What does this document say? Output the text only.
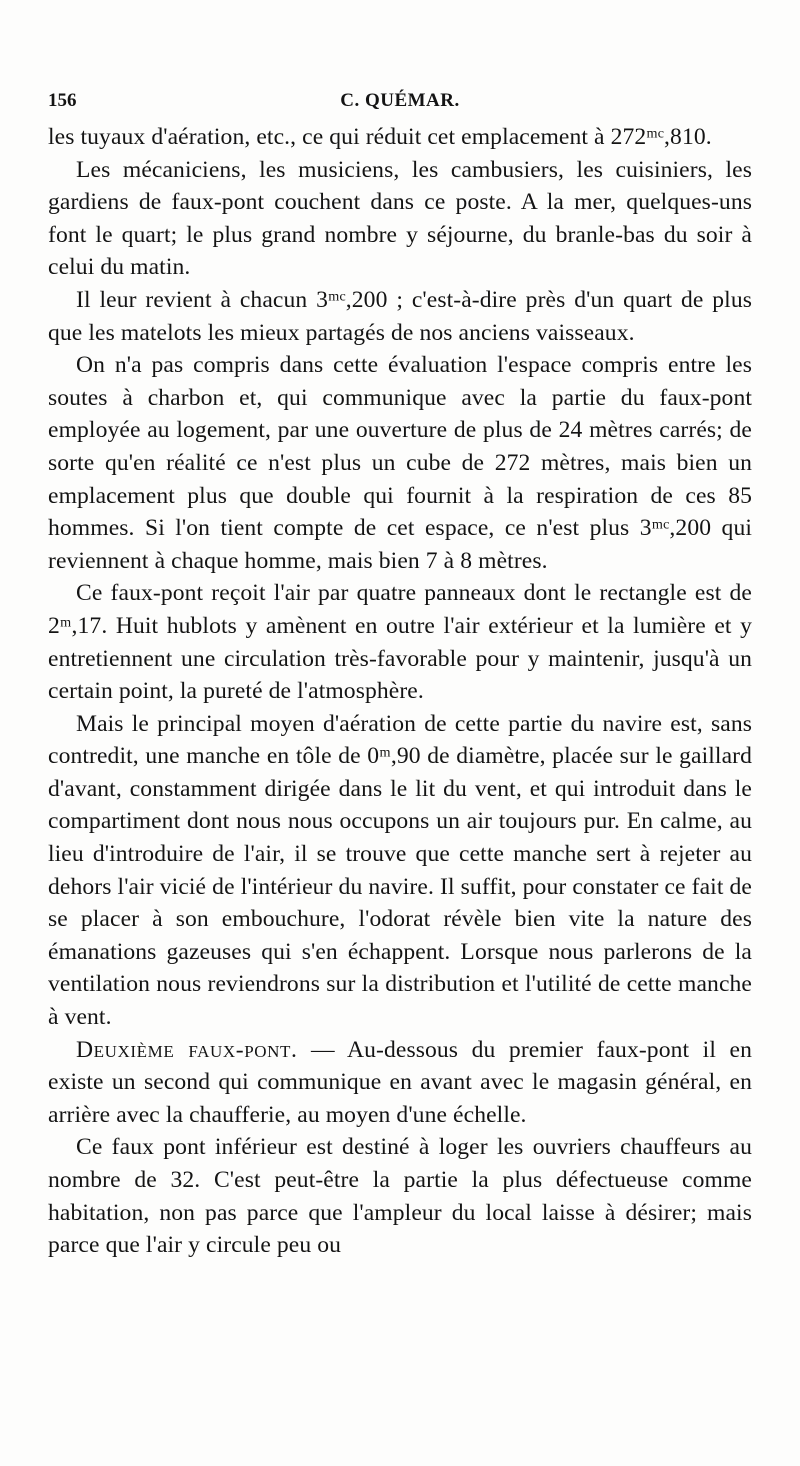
156	C. QUÉMAR.

les tuyaux d'aération, etc., ce qui réduit cet emplacement à 272ᵐᶜ,810.

Les mécaniciens, les musiciens, les cambusiers, les cuisiniers, les gardiens de faux-pont couchent dans ce poste. A la mer, quelques-uns font le quart; le plus grand nombre y séjourne, du branle-bas du soir à celui du matin.

Il leur revient à chacun 3ᵐᶜ,200 ; c'est-à-dire près d'un quart de plus que les matelots les mieux partagés de nos anciens vaisseaux.

On n'a pas compris dans cette évaluation l'espace compris entre les soutes à charbon et, qui communique avec la partie du faux-pont employée au logement, par une ouverture de plus de 24 mètres carrés; de sorte qu'en réalité ce n'est plus un cube de 272 mètres, mais bien un emplacement plus que double qui fournit à la respiration de ces 85 hommes. Si l'on tient compte de cet espace, ce n'est plus 3ᵐᶜ,200 qui reviennent à chaque homme, mais bien 7 à 8 mètres.

Ce faux-pont reçoit l'air par quatre panneaux dont le rectangle est de 2ᵐ,17. Huit hublots y amènent en outre l'air extérieur et la lumière et y entretiennent une circulation très-favorable pour y maintenir, jusqu'à un certain point, la pureté de l'atmosphère.

Mais le principal moyen d'aération de cette partie du navire est, sans contredit, une manche en tôle de 0ᵐ,90 de diamètre, placée sur le gaillard d'avant, constamment dirigée dans le lit du vent, et qui introduit dans le compartiment dont nous nous occupons un air toujours pur. En calme, au lieu d'introduire de l'air, il se trouve que cette manche sert à rejeter au dehors l'air vicié de l'intérieur du navire. Il suffit, pour constater ce fait de se placer à son embouchure, l'odorat révèle bien vite la nature des émanations gazeuses qui s'en échappent. Lorsque nous parlerons de la ventilation nous reviendrons sur la distribution et l'utilité de cette manche à vent.

Deuxième faux-pont. — Au-dessous du premier faux-pont il en existe un second qui communique en avant avec le magasin général, en arrière avec la chaufferie, au moyen d'une échelle.

Ce faux pont inférieur est destiné à loger les ouvriers chauffeurs au nombre de 32. C'est peut-être la partie la plus défectueuse comme habitation, non pas parce que l'ampleur du local laisse à désirer; mais parce que l'air y circule peu ou
